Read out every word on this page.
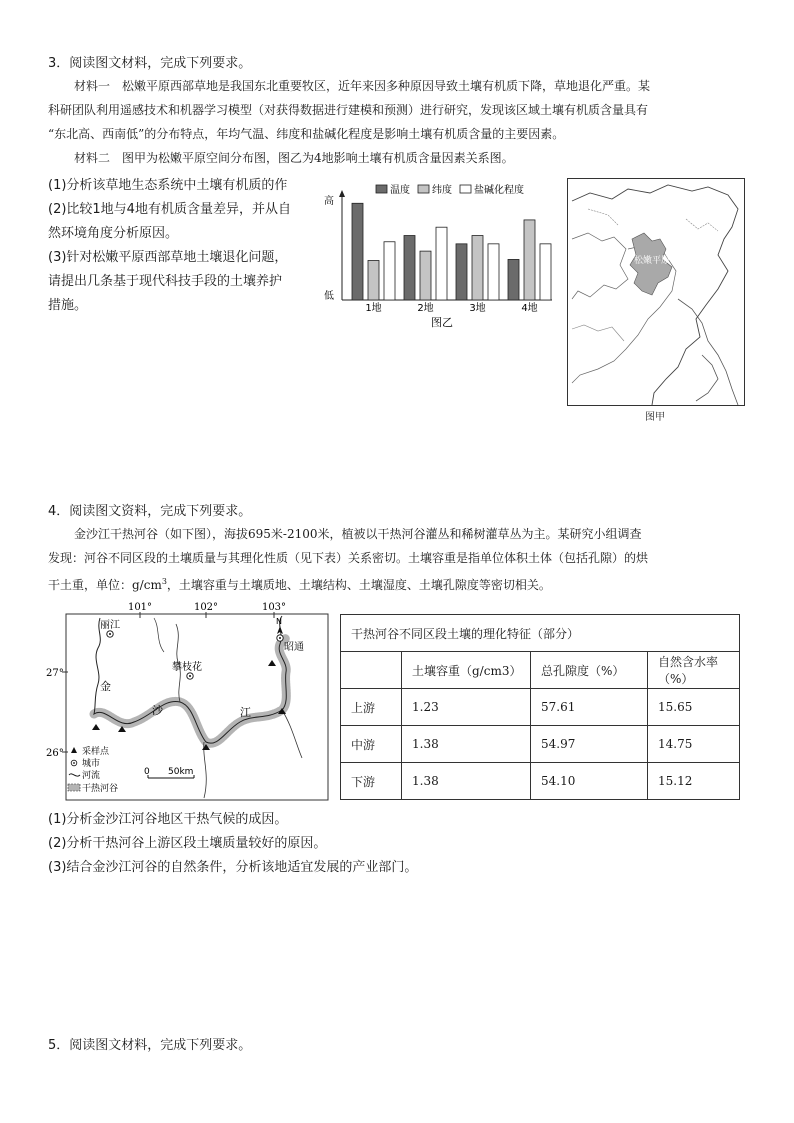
3．阅读图文材料，完成下列要求。
材料一　松嫩平原西部草地是我国东北重要牧区，近年来因多种原因导致土壤有机质下降，草地退化严重。某
科研团队利用遥感技术和机器学习模型（对获得数据进行建模和预测）进行研究，发现该区域土壤有机质含量具有
“东北高、西南低”的分布特点，年均气温、纬度和盐碱化程度是影响土壤有机质含量的主要因素。
材料二　图甲为松嫩平原空间分布图，图乙为4地影响土壤有机质含量因素关系图。
(1)分析该草地生态系统中土壤有机质的作
(2)比较1地与4地有机质含量差异，并从自
然环境角度分析原因。
(3)针对松嫩平原西部草地土壤退化问题，
请提出几条基于现代科技手段的土壤养护
措施。
温度 纬度 盐碱化程度
高
低
1地	2地	3地	4地
图乙
松嫩平原
图甲
4．阅读图文资料，完成下列要求。
金沙江干热河谷（如下图），海拔695米-2100米，植被以干热河谷灌丛和稀树灌草丛为主。某研究小组调查
发现：河谷不同区段的土壤质量与其理化性质（见下表）关系密切。土壤容重是指单位体积土体（包括孔隙）的烘
干土重，单位：$g/cm^3$，土壤容重与土壤质地、土壤结构、土壤湿度、土壤孔隙度等密切相关。
101°	102°	103°
27°
26°
丽江
攀枝花
昭通
N
金
沙	江
采样点
城市
河流
干热河谷
0 50km
干热河谷不同区段土壤的理化特征（部分）			
	土壤容重（g/cm3）	总孔隙度（%）	自然含水率（%）
上游	1.23	57.61	15.65
中游	1.38	54.97	14.75
下游	1.38	54.10	15.12
(1)分析金沙江河谷地区干热气候的成因。
(2)分析干热河谷上游区段土壤质量较好的原因。
(3)结合金沙江河谷的自然条件，分析该地适宜发展的产业部门。
5．阅读图文材料，完成下列要求。
